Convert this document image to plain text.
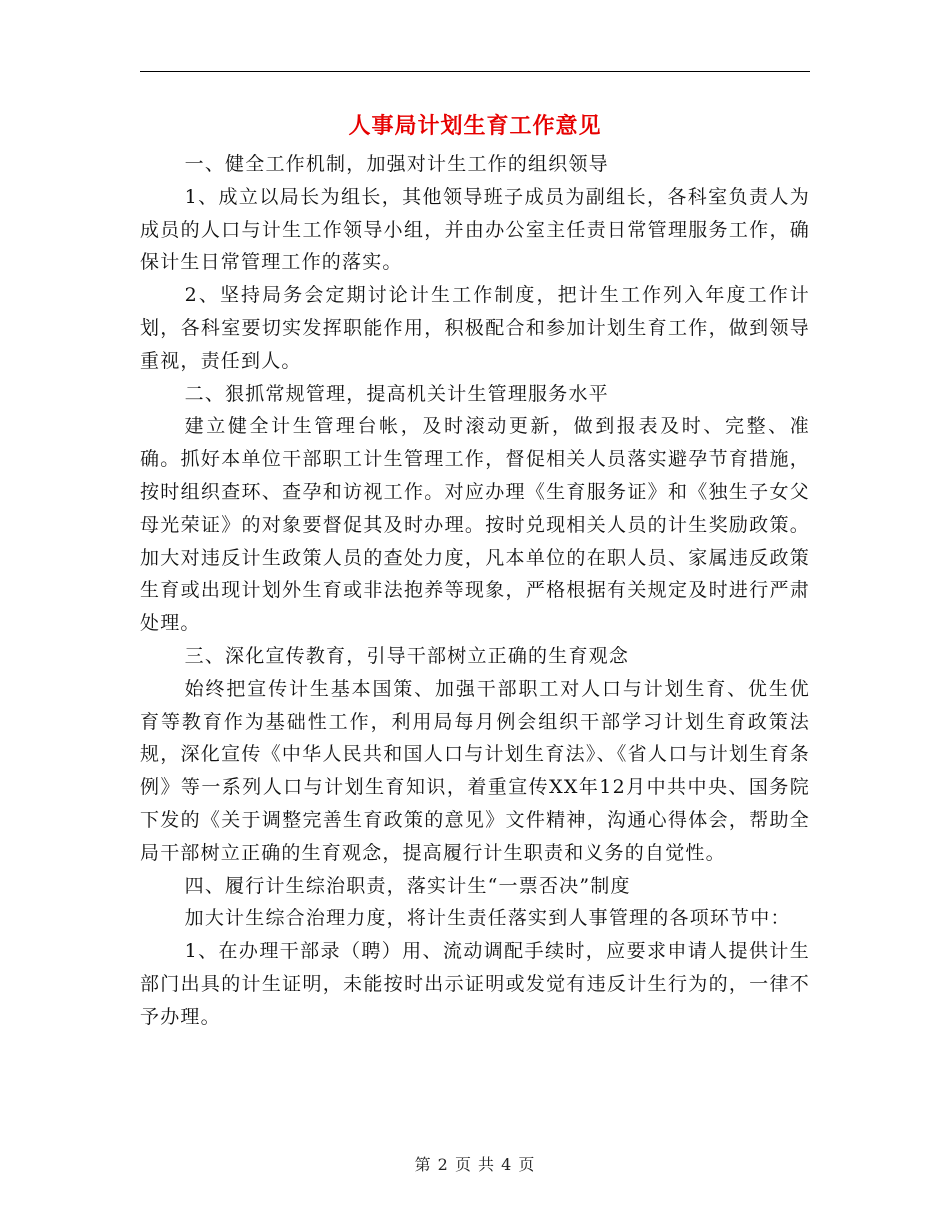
人事局计划生育工作意见

一、健全工作机制，加强对计生工作的组织领导

1、成立以局长为组长，其他领导班子成员为副组长，各科室负责人为成员的人口与计生工作领导小组，并由办公室主任责日常管理服务工作，确保计生日常管理工作的落实。

2、坚持局务会定期讨论计生工作制度，把计生工作列入年度工作计划，各科室要切实发挥职能作用，积极配合和参加计划生育工作，做到领导重视，责任到人。

二、狠抓常规管理，提高机关计生管理服务水平

建立健全计生管理台帐，及时滚动更新，做到报表及时、完整、准确。抓好本单位干部职工计生管理工作，督促相关人员落实避孕节育措施，按时组织查环、查孕和访视工作。对应办理《生育服务证》和《独生子女父母光荣证》的对象要督促其及时办理。按时兑现相关人员的计生奖励政策。加大对违反计生政策人员的查处力度，凡本单位的在职人员、家属违反政策生育或出现计划外生育或非法抱养等现象，严格根据有关规定及时进行严肃处理。

三、深化宣传教育，引导干部树立正确的生育观念

始终把宣传计生基本国策、加强干部职工对人口与计划生育、优生优育等教育作为基础性工作，利用局每月例会组织干部学习计划生育政策法规，深化宣传《中华人民共和国人口与计划生育法》、《省人口与计划生育条例》等一系列人口与计划生育知识，着重宣传XX年12月中共中央、国务院下发的《关于调整完善生育政策的意见》文件精神，沟通心得体会，帮助全局干部树立正确的生育观念，提高履行计生职责和义务的自觉性。

四、履行计生综治职责，落实计生“一票否决”制度

加大计生综合治理力度，将计生责任落实到人事管理的各项环节中：

1、在办理干部录（聘）用、流动调配手续时，应要求申请人提供计生部门出具的计生证明，未能按时出示证明或发觉有违反计生行为的，一律不予办理。

第 2 页 共 4 页
